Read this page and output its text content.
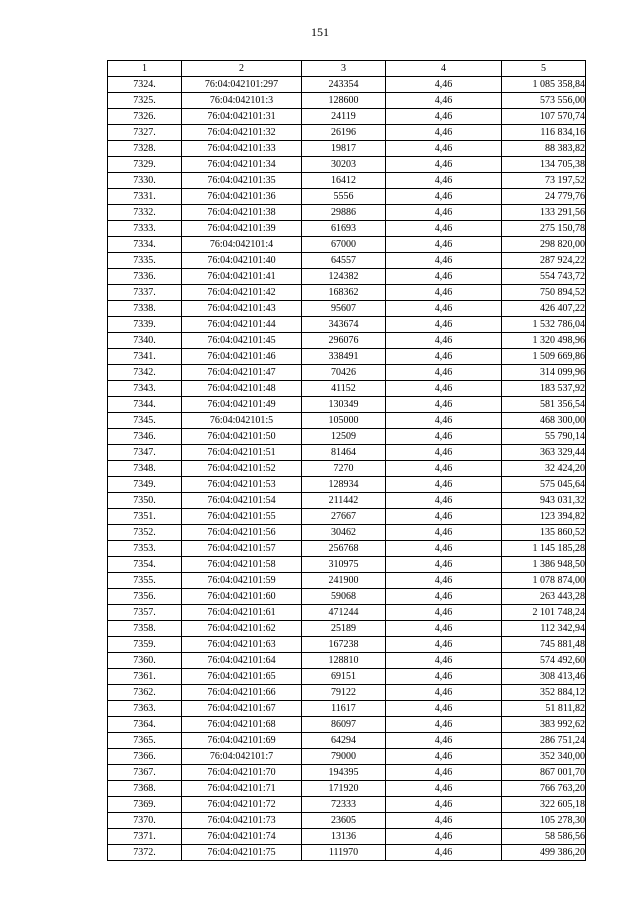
151
1	2	3	4	5
7324.	76:04:042101:297	243354	4,46	1 085 358,84
7325.	76:04:042101:3	128600	4,46	573 556,00
7326.	76:04:042101:31	24119	4,46	107 570,74
7327.	76:04:042101:32	26196	4,46	116 834,16
7328.	76:04:042101:33	19817	4,46	88 383,82
7329.	76:04:042101:34	30203	4,46	134 705,38
7330.	76:04:042101:35	16412	4,46	73 197,52
7331.	76:04:042101:36	5556	4,46	24 779,76
7332.	76:04:042101:38	29886	4,46	133 291,56
7333.	76:04:042101:39	61693	4,46	275 150,78
7334.	76:04:042101:4	67000	4,46	298 820,00
7335.	76:04:042101:40	64557	4,46	287 924,22
7336.	76:04:042101:41	124382	4,46	554 743,72
7337.	76:04:042101:42	168362	4,46	750 894,52
7338.	76:04:042101:43	95607	4,46	426 407,22
7339.	76:04:042101:44	343674	4,46	1 532 786,04
7340.	76:04:042101:45	296076	4,46	1 320 498,96
7341.	76:04:042101:46	338491	4,46	1 509 669,86
7342.	76:04:042101:47	70426	4,46	314 099,96
7343.	76:04:042101:48	41152	4,46	183 537,92
7344.	76:04:042101:49	130349	4,46	581 356,54
7345.	76:04:042101:5	105000	4,46	468 300,00
7346.	76:04:042101:50	12509	4,46	55 790,14
7347.	76:04:042101:51	81464	4,46	363 329,44
7348.	76:04:042101:52	7270	4,46	32 424,20
7349.	76:04:042101:53	128934	4,46	575 045,64
7350.	76:04:042101:54	211442	4,46	943 031,32
7351.	76:04:042101:55	27667	4,46	123 394,82
7352.	76:04:042101:56	30462	4,46	135 860,52
7353.	76:04:042101:57	256768	4,46	1 145 185,28
7354.	76:04:042101:58	310975	4,46	1 386 948,50
7355.	76:04:042101:59	241900	4,46	1 078 874,00
7356.	76:04:042101:60	59068	4,46	263 443,28
7357.	76:04:042101:61	471244	4,46	2 101 748,24
7358.	76:04:042101:62	25189	4,46	112 342,94
7359.	76:04:042101:63	167238	4,46	745 881,48
7360.	76:04:042101:64	128810	4,46	574 492,60
7361.	76:04:042101:65	69151	4,46	308 413,46
7362.	76:04:042101:66	79122	4,46	352 884,12
7363.	76:04:042101:67	11617	4,46	51 811,82
7364.	76:04:042101:68	86097	4,46	383 992,62
7365.	76:04:042101:69	64294	4,46	286 751,24
7366.	76:04:042101:7	79000	4,46	352 340,00
7367.	76:04:042101:70	194395	4,46	867 001,70
7368.	76:04:042101:71	171920	4,46	766 763,20
7369.	76:04:042101:72	72333	4,46	322 605,18
7370.	76:04:042101:73	23605	4,46	105 278,30
7371.	76:04:042101:74	13136	4,46	58 586,56
7372.	76:04:042101:75	111970	4,46	499 386,20
